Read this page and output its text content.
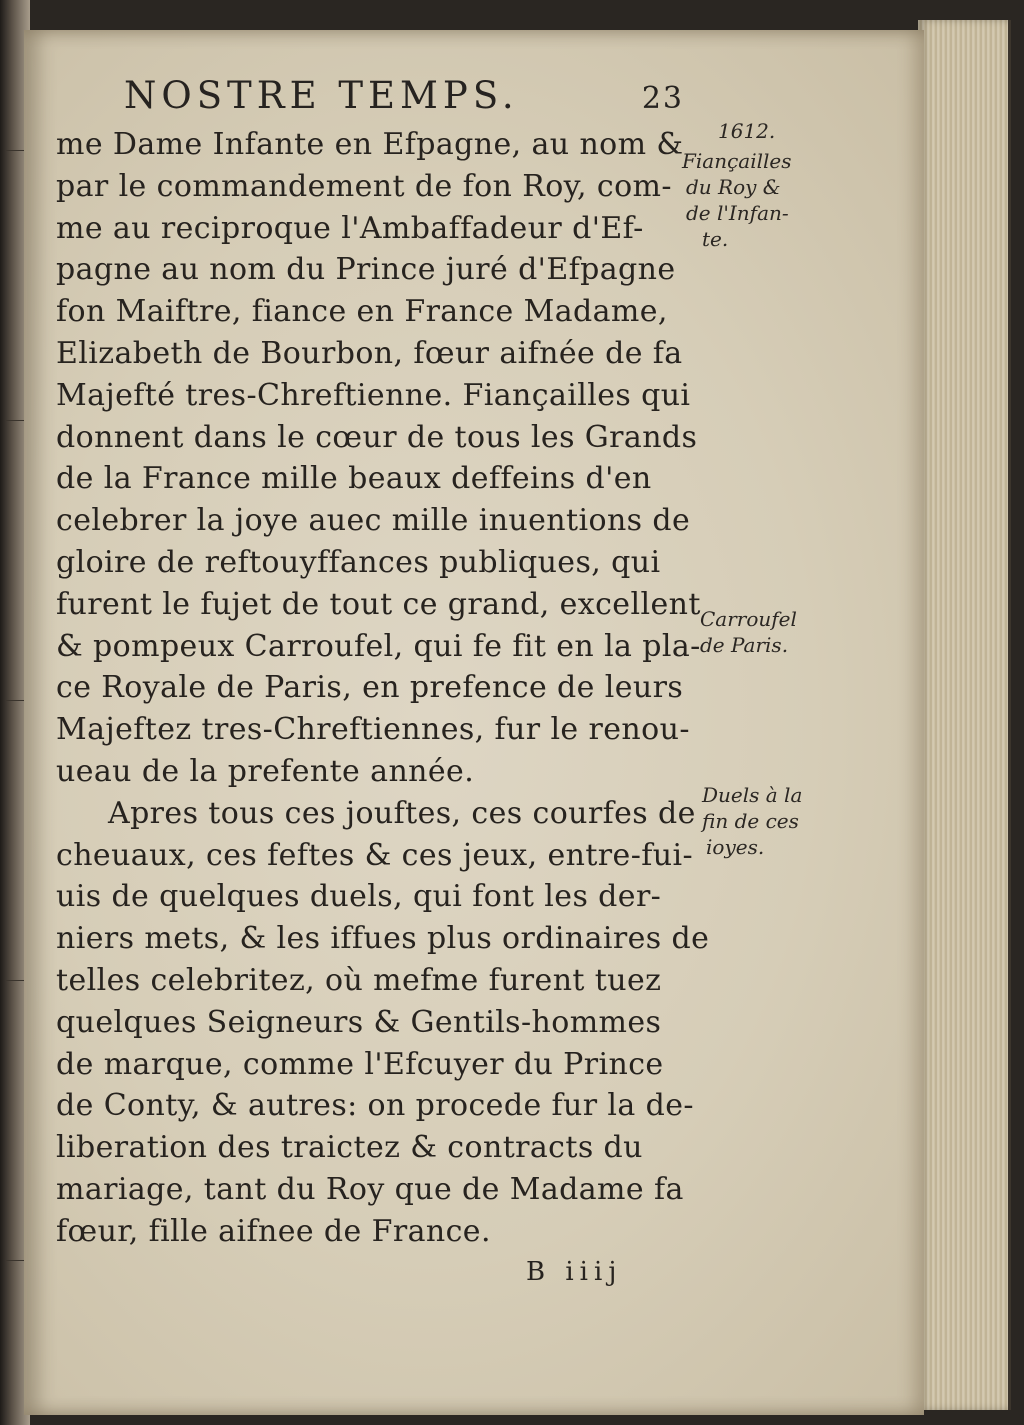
NOSTRE TEMPS.	23
me Dame Infante en Efpagne, au nom &
par le commandement de fon Roy, com-
me au reciproque l'Ambaffadeur d'Ef-
pagne au nom du Prince juré d'Efpagne
fon Maiftre, fiance en France Madame,
Elizabeth de Bourbon, fœur aifnée de fa
Majefté tres-Chreftienne. Fiançailles qui
donnent dans le cœur de tous les Grands
de la France mille beaux deffeins d'en
celebrer la joye auec mille inuentions de
gloire de reftouyffances publiques, qui
furent le fujet de tout ce grand, excellent
& pompeux Carroufel, qui fe fit en la pla-
ce Royale de Paris, en prefence de leurs
Majeftez tres-Chreftiennes, fur le renou-
ueau de la prefente année.
Apres tous ces jouftes, ces courfes de
cheuaux, ces feftes & ces jeux, entre-fui-
uis de quelques duels, qui font les der-
niers mets, & les iffues plus ordinaires de
telles celebritez, où mefme furent tuez
quelques Seigneurs & Gentils-hommes
de marque, comme l'Efcuyer du Prince
de Conty, & autres: on procede fur la de-
liberation des traictez & contracts du
mariage, tant du Roy que de Madame fa
fœur, fille aifnee de France.
1612.
Fiançailles
du Roy &
de l'Infan-
te.
Carroufel
de Paris.
Duels à la
fin de ces
ioyes.
B iiij
